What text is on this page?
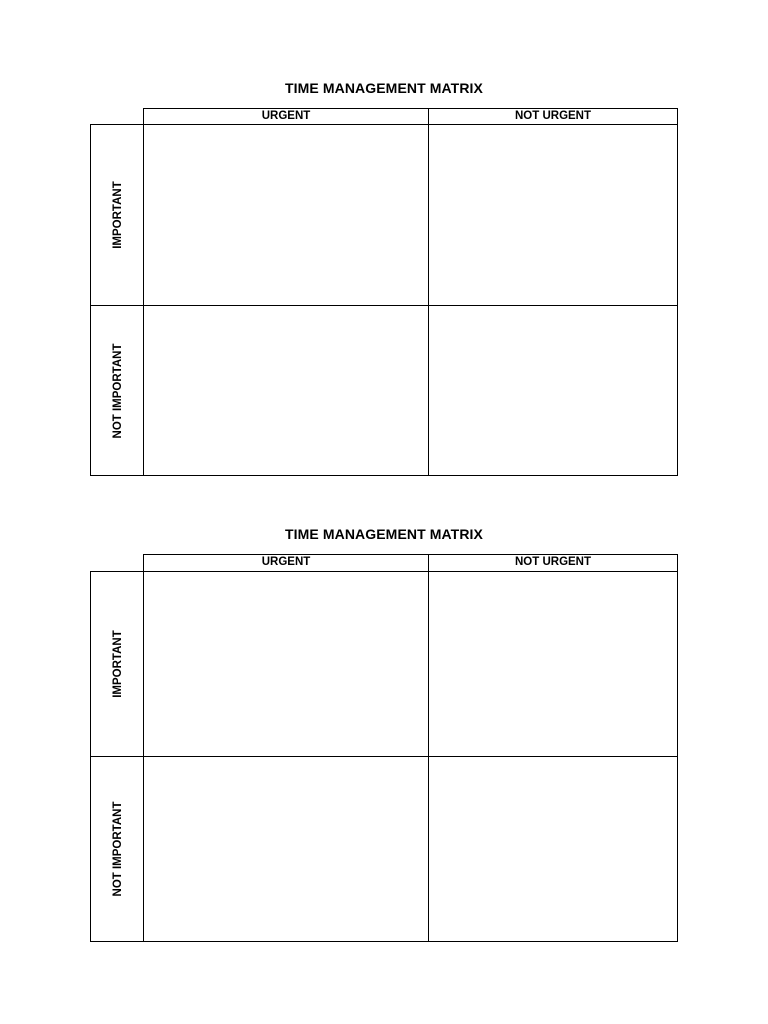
TIME MANAGEMENT MATRIX
URGENT	NOT URGENT
IMPORTANT
NOT IMPORTANT
TIME MANAGEMENT MATRIX
URGENT	NOT URGENT
IMPORTANT
NOT IMPORTANT
